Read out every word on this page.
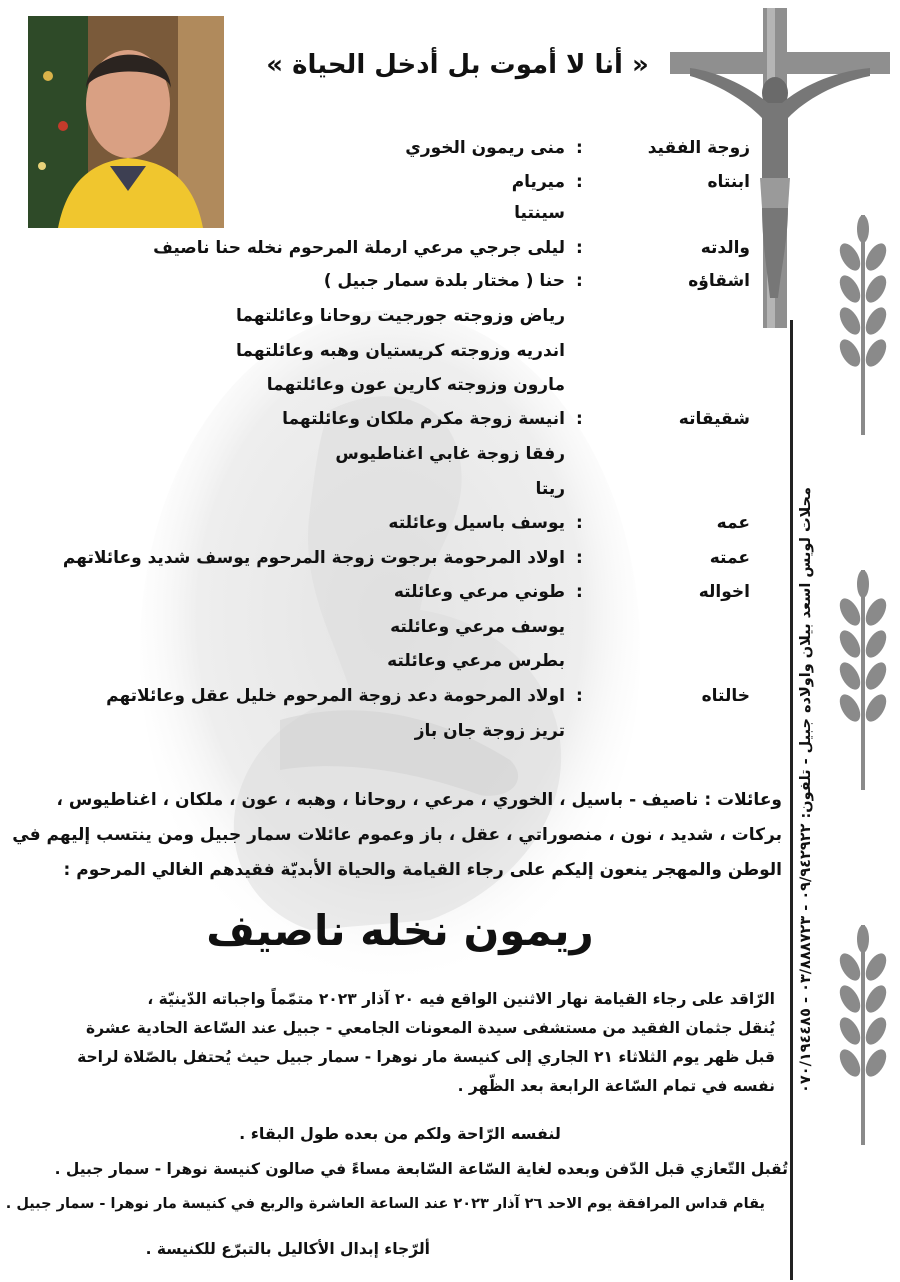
« أنا لا أموت بل أدخل الحياة »
زوجة الفقيد
:
منى ريمون الخوري
ابنتاه
:
ميريام
سينتيا
والدته
:
ليلى جرجي مرعي ارملة المرحوم نخله حنا ناصيف
اشقاؤه
:
حنا ( مختار بلدة سمار جبيل )
رياض وزوجته جورجيت روحانا وعائلتهما
اندريه وزوجته كريستيان وهبه وعائلتهما
مارون وزوجته كارين عون وعائلتهما
شقيقاته
:
انيسة زوجة مكرم ملكان وعائلتهما
رفقا زوجة غابي اغناطيوس
ريتا
عمه
:
يوسف باسيل وعائلته
عمته
:
اولاد المرحومة برجوت زوجة المرحوم يوسف شديد وعائلاتهم
اخواله
:
طوني مرعي وعائلته
يوسف مرعي وعائلته
بطرس مرعي وعائلته
خالتاه
:
اولاد المرحومة دعد زوجة المرحوم خليل عقل وعائلاتهم
تريز زوجة جان باز
وعائلات : ناصيف - باسيل ، الخوري ، مرعي ، روحانا ، وهبه ، عون ، ملكان ، اغناطيوس ،
بركات ، شديد ، نون ، منصوراتي ، عقل ، باز وعموم عائلات سمار جبيل ومن ينتسب إليهم في
الوطن والمهجر ينعون إليكم على رجاء القيامة والحياة الأبديّة فقيدهم الغالي المرحوم :
ريمون نخله ناصيف
الرّاقد على رجاء القيامة نهار الاثنين الواقع فيه ٢٠ آذار ٢٠٢٣ متمّماً واجباته الدّينيّة ،
يُنقل جثمان الفقيد من مستشفى سيدة المعونات الجامعي - جبيل عند السّاعة الحادية عشرة
قبل ظهر يوم الثلاثاء ٢١ الجاري إلى كنيسة مار نوهرا - سمار جبيل حيث يُحتفل بالصّلاة لراحة
نفسه في تمام السّاعة الرابعة بعد الظّهر .
لنفسه الرّاحة ولكم من بعده طول البقاء .
تُقبل التّعازي قبل الدّفن وبعده لغاية السّاعة السّابعة مساءً في صالون كنيسة نوهرا - سمار جبيل .
يقام قداس المرافقة يوم الاحد ٢٦ آذار ٢٠٢٣ عند الساعة العاشرة والربع في كنيسة مار نوهرا - سمار جبيل .
ألرّجاء إبدال الأكاليل بالتبرّع للكنيسة .
محلات لويس اسعد بيلان واولاده جبيل - تلفون: ٠٩/٩٤٢٩٢٢ - ٠٣/٨٨٨٧٢٣ - ٠٧٠/١٩٤٤٨٥
